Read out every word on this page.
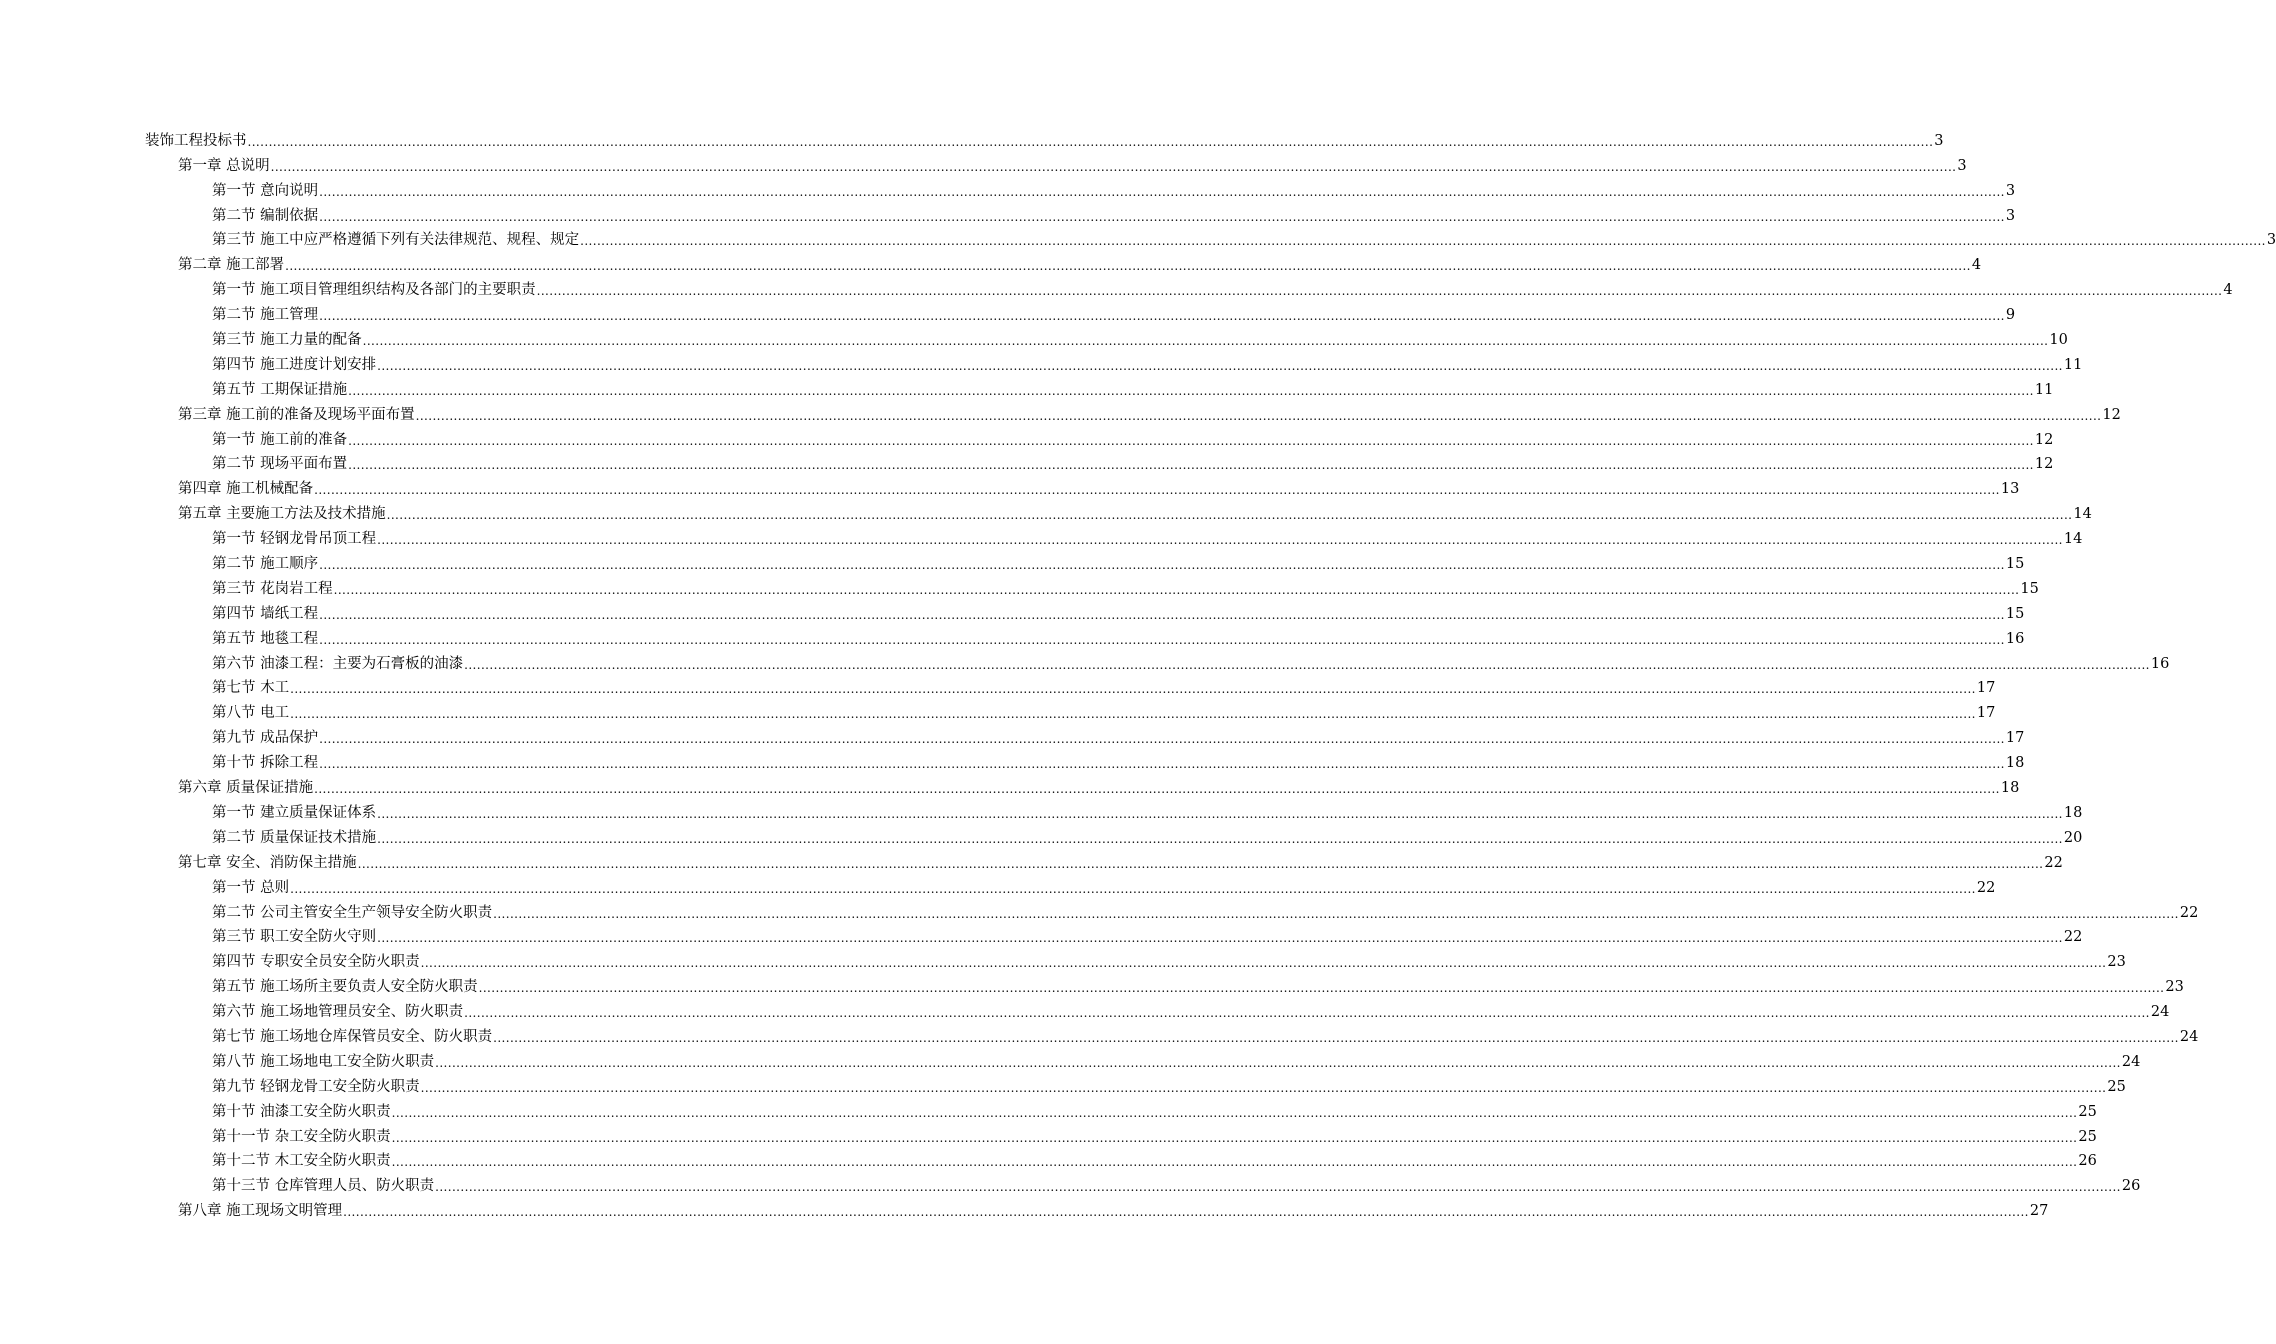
装饰工程投标书 ................................................................................................................................................................................................................................................................................................................................................................................................................ 3
第一章 总说明 ................................................................................................................................................................................................................................................................................................................................................................................................................ 3
第一节 意向说明 ................................................................................................................................................................................................................................................................................................................................................................................................................ 3
第二节 编制依据 ................................................................................................................................................................................................................................................................................................................................................................................................................ 3
第三节 施工中应严格遵循下列有关法律规范、规程、规定 ................................................................................................................................................................................................................................................................................................................................................................................................................ 3
第二章 施工部署 ................................................................................................................................................................................................................................................................................................................................................................................................................ 4
第一节 施工项目管理组织结构及各部门的主要职责 ................................................................................................................................................................................................................................................................................................................................................................................................................ 4
第二节 施工管理 ................................................................................................................................................................................................................................................................................................................................................................................................................ 9
第三节 施工力量的配备 ................................................................................................................................................................................................................................................................................................................................................................................................................ 10
第四节 施工进度计划安排 ................................................................................................................................................................................................................................................................................................................................................................................................................ 11
第五节 工期保证措施 ................................................................................................................................................................................................................................................................................................................................................................................................................ 11
第三章 施工前的准备及现场平面布置 ................................................................................................................................................................................................................................................................................................................................................................................................................ 12
第一节 施工前的准备 ................................................................................................................................................................................................................................................................................................................................................................................................................ 12
第二节 现场平面布置 ................................................................................................................................................................................................................................................................................................................................................................................................................ 12
第四章 施工机械配备 ................................................................................................................................................................................................................................................................................................................................................................................................................ 13
第五章 主要施工方法及技术措施 ................................................................................................................................................................................................................................................................................................................................................................................................................ 14
第一节 轻钢龙骨吊顶工程 ................................................................................................................................................................................................................................................................................................................................................................................................................ 14
第二节 施工顺序 ................................................................................................................................................................................................................................................................................................................................................................................................................ 15
第三节 花岗岩工程 ................................................................................................................................................................................................................................................................................................................................................................................................................ 15
第四节 墙纸工程 ................................................................................................................................................................................................................................................................................................................................................................................................................ 15
第五节 地毯工程 ................................................................................................................................................................................................................................................................................................................................................................................................................ 16
第六节 油漆工程：主要为石膏板的油漆 ................................................................................................................................................................................................................................................................................................................................................................................................................ 16
第七节 木工 ................................................................................................................................................................................................................................................................................................................................................................................................................ 17
第八节 电工 ................................................................................................................................................................................................................................................................................................................................................................................................................ 17
第九节 成品保护 ................................................................................................................................................................................................................................................................................................................................................................................................................ 17
第十节 拆除工程 ................................................................................................................................................................................................................................................................................................................................................................................................................ 18
第六章 质量保证措施 ................................................................................................................................................................................................................................................................................................................................................................................................................ 18
第一节 建立质量保证体系 ................................................................................................................................................................................................................................................................................................................................................................................................................ 18
第二节 质量保证技术措施 ................................................................................................................................................................................................................................................................................................................................................................................................................ 20
第七章 安全、消防保主措施 ................................................................................................................................................................................................................................................................................................................................................................................................................ 22
第一节 总则 ................................................................................................................................................................................................................................................................................................................................................................................................................ 22
第二节 公司主管安全生产领导安全防火职责 ................................................................................................................................................................................................................................................................................................................................................................................................................ 22
第三节 职工安全防火守则 ................................................................................................................................................................................................................................................................................................................................................................................................................ 22
第四节 专职安全员安全防火职责 ................................................................................................................................................................................................................................................................................................................................................................................................................ 23
第五节 施工场所主要负责人安全防火职责 ................................................................................................................................................................................................................................................................................................................................................................................................................ 23
第六节 施工场地管理员安全、防火职责 ................................................................................................................................................................................................................................................................................................................................................................................................................ 24
第七节 施工场地仓库保管员安全、防火职责 ................................................................................................................................................................................................................................................................................................................................................................................................................ 24
第八节 施工场地电工安全防火职责 ................................................................................................................................................................................................................................................................................................................................................................................................................ 24
第九节 轻钢龙骨工安全防火职责 ................................................................................................................................................................................................................................................................................................................................................................................................................ 25
第十节 油漆工安全防火职责 ................................................................................................................................................................................................................................................................................................................................................................................................................ 25
第十一节 杂工安全防火职责 ................................................................................................................................................................................................................................................................................................................................................................................................................ 25
第十二节 木工安全防火职责 ................................................................................................................................................................................................................................................................................................................................................................................................................ 26
第十三节 仓库管理人员、防火职责 ................................................................................................................................................................................................................................................................................................................................................................................................................ 26
第八章 施工现场文明管理 ................................................................................................................................................................................................................................................................................................................................................................................................................ 27
